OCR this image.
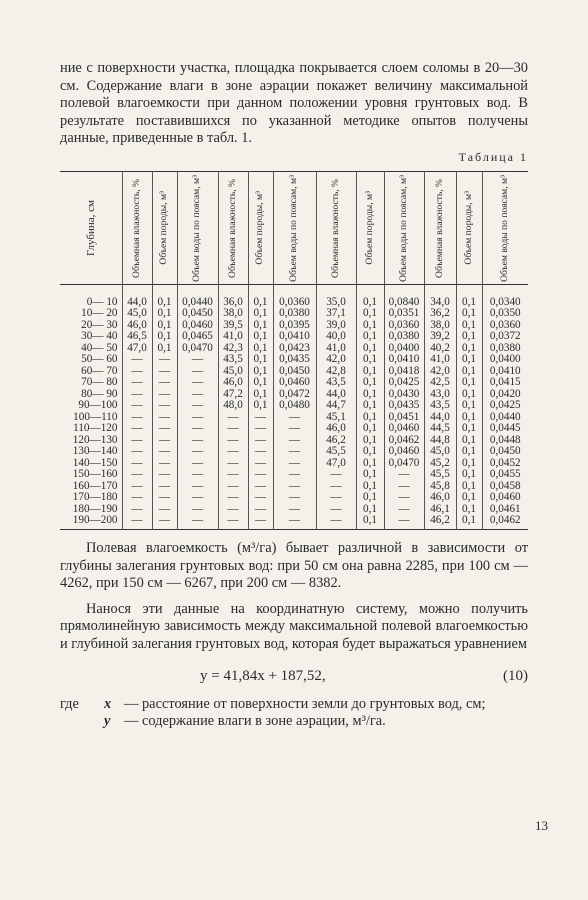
ние с поверхности участка, площадка покрывается слоем соломы в 20—30 см. Содержание влаги в зоне аэрации покажет величину максимальной полевой влагоемкости при данном положении уровня грунтовых вод. В результате поставившихся по указанной методике опытов получены данные, приведенные в табл. 1.

Таблица 1
Глубина, см	Объемная влажность, %	Объем породы, м³	Объем воды по поясам, м³	Объемная влажность, %	Объем породы, м³	Объем воды по поясам, м³	Объемная влажность, %	Объем породы, м³	Объем воды по поясам, м³	Объемная влажность, %	Объем породы, м³	Объем воды по поясам, м³

0— 10	44,0	0,1	0,0440	36,0	0,1	0,0360	35,0	0,1	0,0840	34,0	0,1	0,0340
10— 20	45,0	0,1	0,0450	38,0	0,1	0,0380	37,1	0,1	0,0351	36,2	0,1	0,0350
20— 30	46,0	0,1	0,0460	39,5	0,1	0,0395	39,0	0,1	0,0360	38,0	0,1	0,0360
30— 40	46,5	0,1	0,0465	41,0	0,1	0,0410	40,0	0,1	0,0380	39,2	0,1	0,0372
40— 50	47,0	0,1	0,0470	42,3	0,1	0,0423	41,0	0,1	0,0400	40,2	0,1	0,0380
50— 60	—	—	—	43,5	0,1	0,0435	42,0	0,1	0,0410	41,0	0,1	0,0400
60— 70	—	—	—	45,0	0,1	0,0450	42,8	0,1	0,0418	42,0	0,1	0,0410
70— 80	—	—	—	46,0	0,1	0,0460	43,5	0,1	0,0425	42,5	0,1	0,0415
80— 90	—	—	—	47,2	0,1	0,0472	44,0	0,1	0,0430	43,0	0,1	0,0420
90—100	—	—	—	48,0	0,1	0,0480	44,7	0,1	0,0435	43,5	0,1	0,0425
100—110	—	—	—	—	—	—	45,1	0,1	0,0451	44,0	0,1	0,0440
110—120	—	—	—	—	—	—	46,0	0,1	0,0460	44,5	0,1	0,0445
120—130	—	—	—	—	—	—	46,2	0,1	0,0462	44,8	0,1	0,0448
130—140	—	—	—	—	—	—	45,5	0,1	0,0460	45,0	0,1	0,0450
140—150	—	—	—	—	—	—	47,0	0,1	0,0470	45,2	0,1	0,0452
150—160	—	—	—	—	—	—	—	0,1	—	45,5	0,1	0,0455
160—170	—	—	—	—	—	—	—	0,1	—	45,8	0,1	0,0458
170—180	—	—	—	—	—	—	—	0,1	—	46,0	0,1	0,0460
180—190	—	—	—	—	—	—	—	0,1	—	46,1	0,1	0,0461
190—200	—	—	—	—	—	—	—	0,1	—	46,2	0,1	0,0462

Полевая влагоемкость (м³/га) бывает различной в зависимости от глубины залегания грунтовых вод: при 50 см она равна 2285, при 100 см — 4262, при 150 см — 6267, при 200 см — 8382.

Нанося эти данные на координатную систему, можно получить прямолинейную зависимость между максимальной полевой влагоемкостью и глубиной залегания грунтовых вод, которая будет выражаться уравнением

y = 41,84x + 187,52,	(10)
где	x — расстояние от поверхности земли до грунтовых вод, см;
y — содержание влаги в зоне аэрации, м³/га.
13
